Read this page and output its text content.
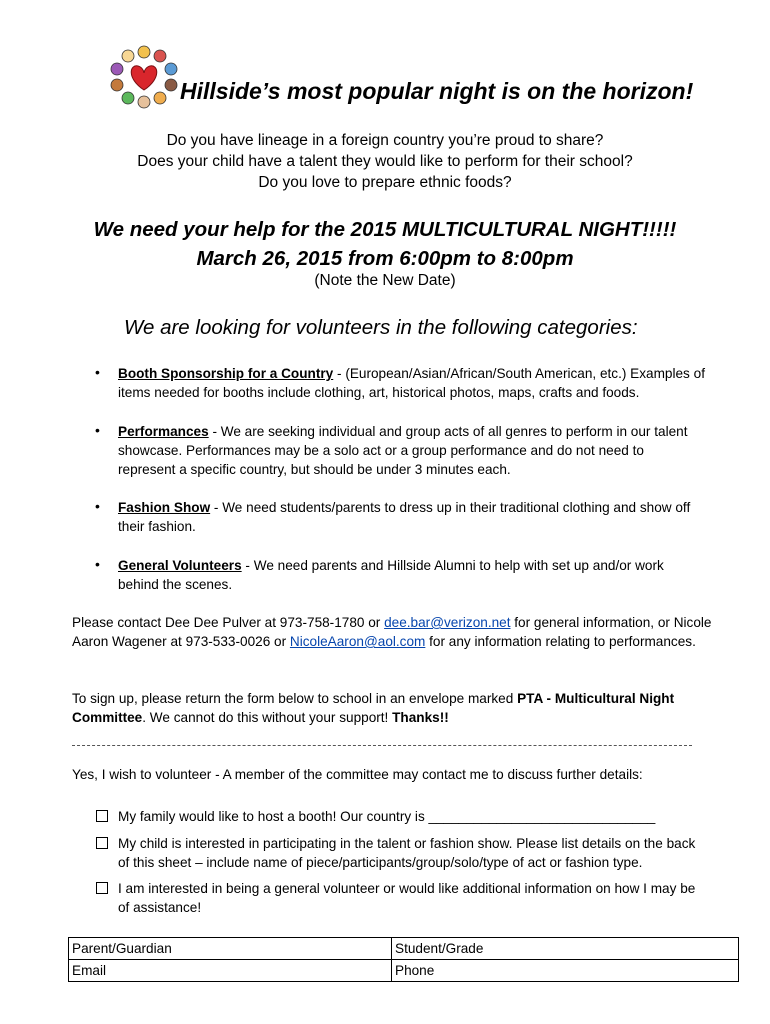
Hillside’s most popular night is on the horizon!
Do you have lineage in a foreign country you’re proud to share?
Does your child have a talent they would like to perform for their school?
Do you love to prepare ethnic foods?
We need your help for the 2015 MULTICULTURAL NIGHT!!!!!
March 26, 2015 from 6:00pm to 8:00pm
(Note the New Date)
We are looking for volunteers in the following categories:
• Booth Sponsorship for a Country - (European/Asian/African/South American, etc.) Examples of items needed for booths include clothing, art, historical photos, maps, crafts and foods.
• Performances - We are seeking individual and group acts of all genres to perform in our talent showcase. Performances may be a solo act or a group performance and do not need to represent a specific country, but should be under 3 minutes each.
• Fashion Show - We need students/parents to dress up in their traditional clothing and show off their fashion.
• General Volunteers - We need parents and Hillside Alumni to help with set up and/or work behind the scenes.
Please contact Dee Dee Pulver at 973-758-1780 or dee.bar@verizon.net for general information, or Nicole Aaron Wagener at 973-533-0026 or NicoleAaron@aol.com for any information relating to performances.
To sign up, please return the form below to school in an envelope marked PTA - Multicultural Night Committee. We cannot do this without your support! Thanks!!
Yes, I wish to volunteer - A member of the committee may contact me to discuss further details:
My family would like to host a booth! Our country is ______________________________
My child is interested in participating in the talent or fashion show. Please list details on the back of this sheet – include name of piece/participants/group/solo/type of act or fashion type.
I am interested in being a general volunteer or would like additional information on how I may be of assistance!
Parent/Guardian	Student/Grade
Email	Phone
